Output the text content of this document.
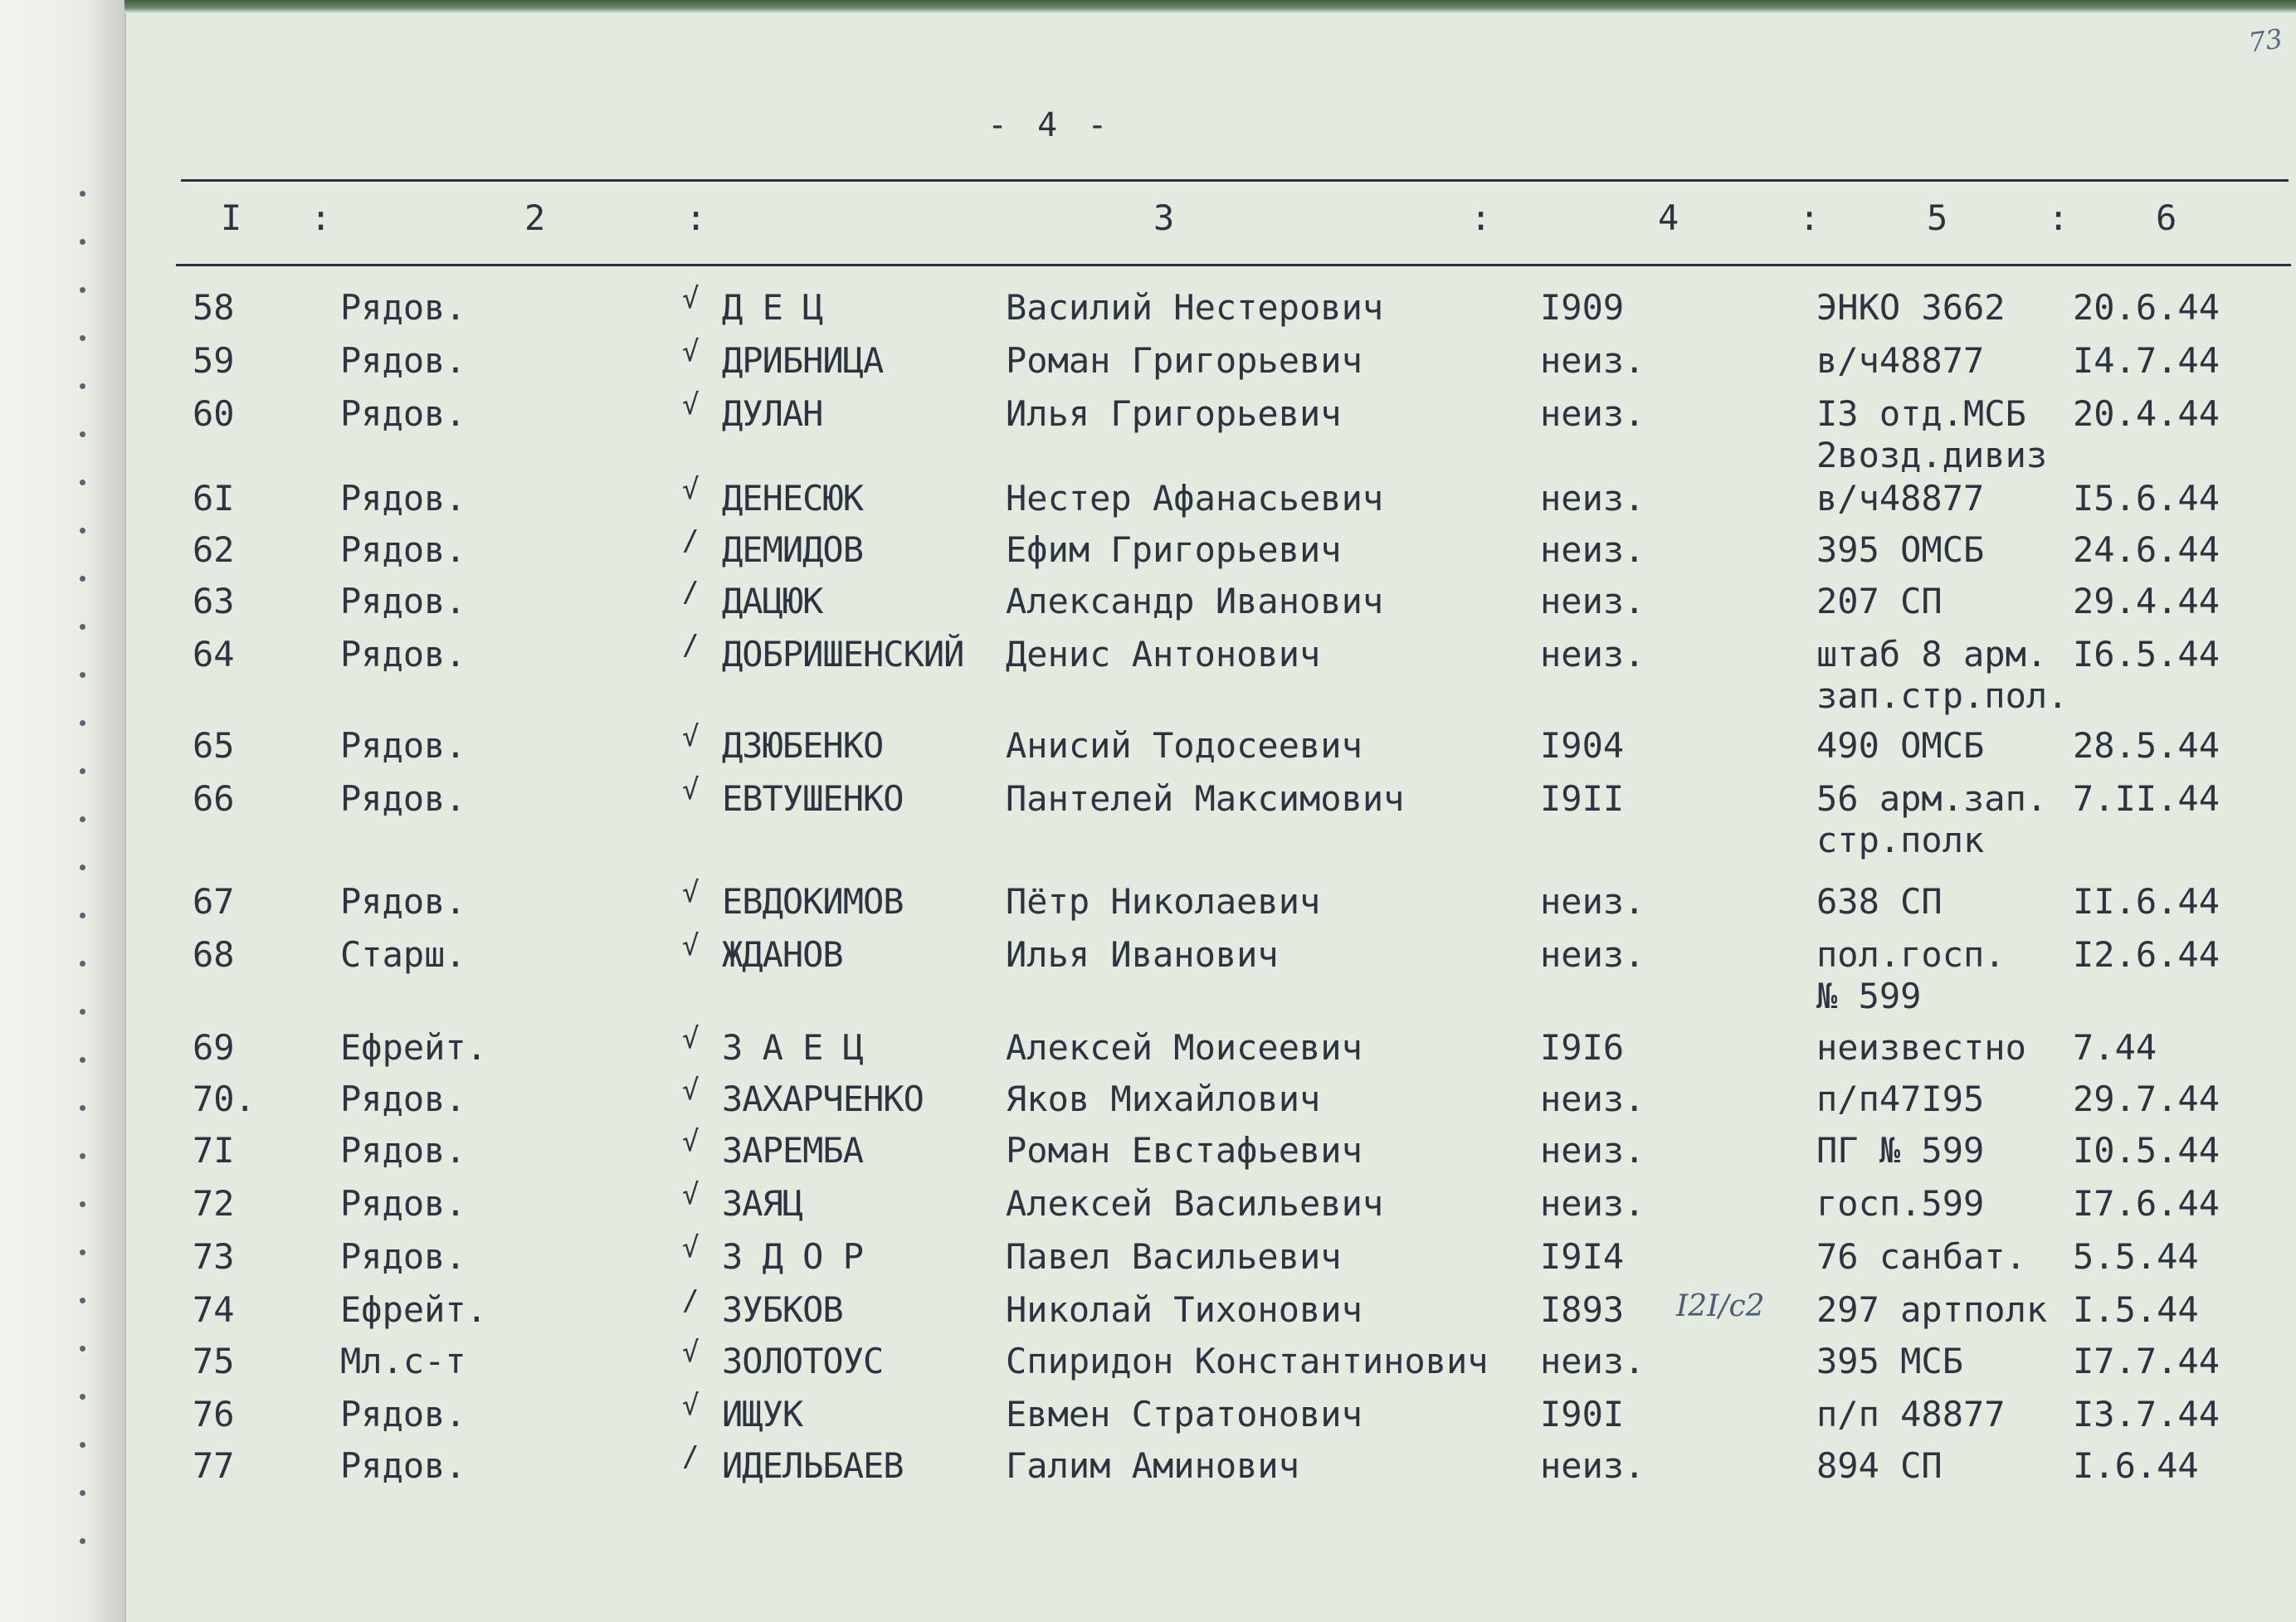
- 4 -
73
I :	2	:	3	:	4	:	5	: 6
58	Рядов.	√ Д Е Ц	Василий Нестерович	I909	ЭНКО 3662 20.6.44
59	Рядов.	√ ДРИБНИЦА	Роман Григорьевич	неиз.	в/ч48877	I4.7.44
60	Рядов.	√ ДУЛАН	Илья Григорьевич	неиз.	I3 отд.МСБ 20.4.44
2возд.дивиз
6I	Рядов.	√ ДЕНЕСЮК	Нестер Афанасьевич	неиз.	в/ч48877	I5.6.44
62	Рядов.	/ ДЕМИДОВ	Ефим Григорьевич	неиз.	395 ОМСБ	24.6.44
63	Рядов.	/ ДАЦЮК	Александр Иванович	неиз.	207 СП	29.4.44
64	Рядов.	/ ДОБРИШЕНСКИЙ Денис Антонович	неиз.	штаб 8 арм. I6.5.44
зап.стр.пол.
65	Рядов.	√ ДЗЮБЕНКО	Анисий Тодосеевич	I904	490 ОМСБ	28.5.44
66	Рядов.	√ ЕВТУШЕНКО	Пантелей Максимович	I9II	56 арм.зап. 7.II.44
стр.полк
67	Рядов.	√ ЕВДОКИМОВ	Пётр Николаевич	неиз.	638 СП	II.6.44
68	Старш.	√ ЖДАНОВ	Илья Иванович	неиз.	пол.госп. I2.6.44
№ 599
69	Ефрейт.	√ З А Е Ц	Алексей Моисеевич	I9I6	неизвестно 7.44
70. Рядов.	√ ЗАХАРЧЕНКО Яков Михайлович	неиз.	п/п47I95	29.7.44
7I	Рядов.	√ ЗАРЕМБА	Роман Евстафьевич	неиз.	ПГ № 599	I0.5.44
72	Рядов.	√ ЗАЯЦ	Алексей Васильевич	неиз.	госп.599	I7.6.44
73	Рядов.	√ З Д О Р	Павел Васильевич	I9I4	76 санбат. 5.5.44
74	Ефрейт.	/ ЗУБКОВ	Николай Тихонович	I893	297 артполк I.5.44
I2I/c2
75	Мл.с-т	√ ЗОЛОТОУС	Спиридон Константинович неиз.	395 МСБ	I7.7.44
76	Рядов.	√ ИЩУК	Евмен Стратонович	I90I	п/п 48877 I3.7.44
77	Рядов.	/ ИДЕЛЬБАЕВ	Галим Аминович	неиз.	894 СП	I.6.44
